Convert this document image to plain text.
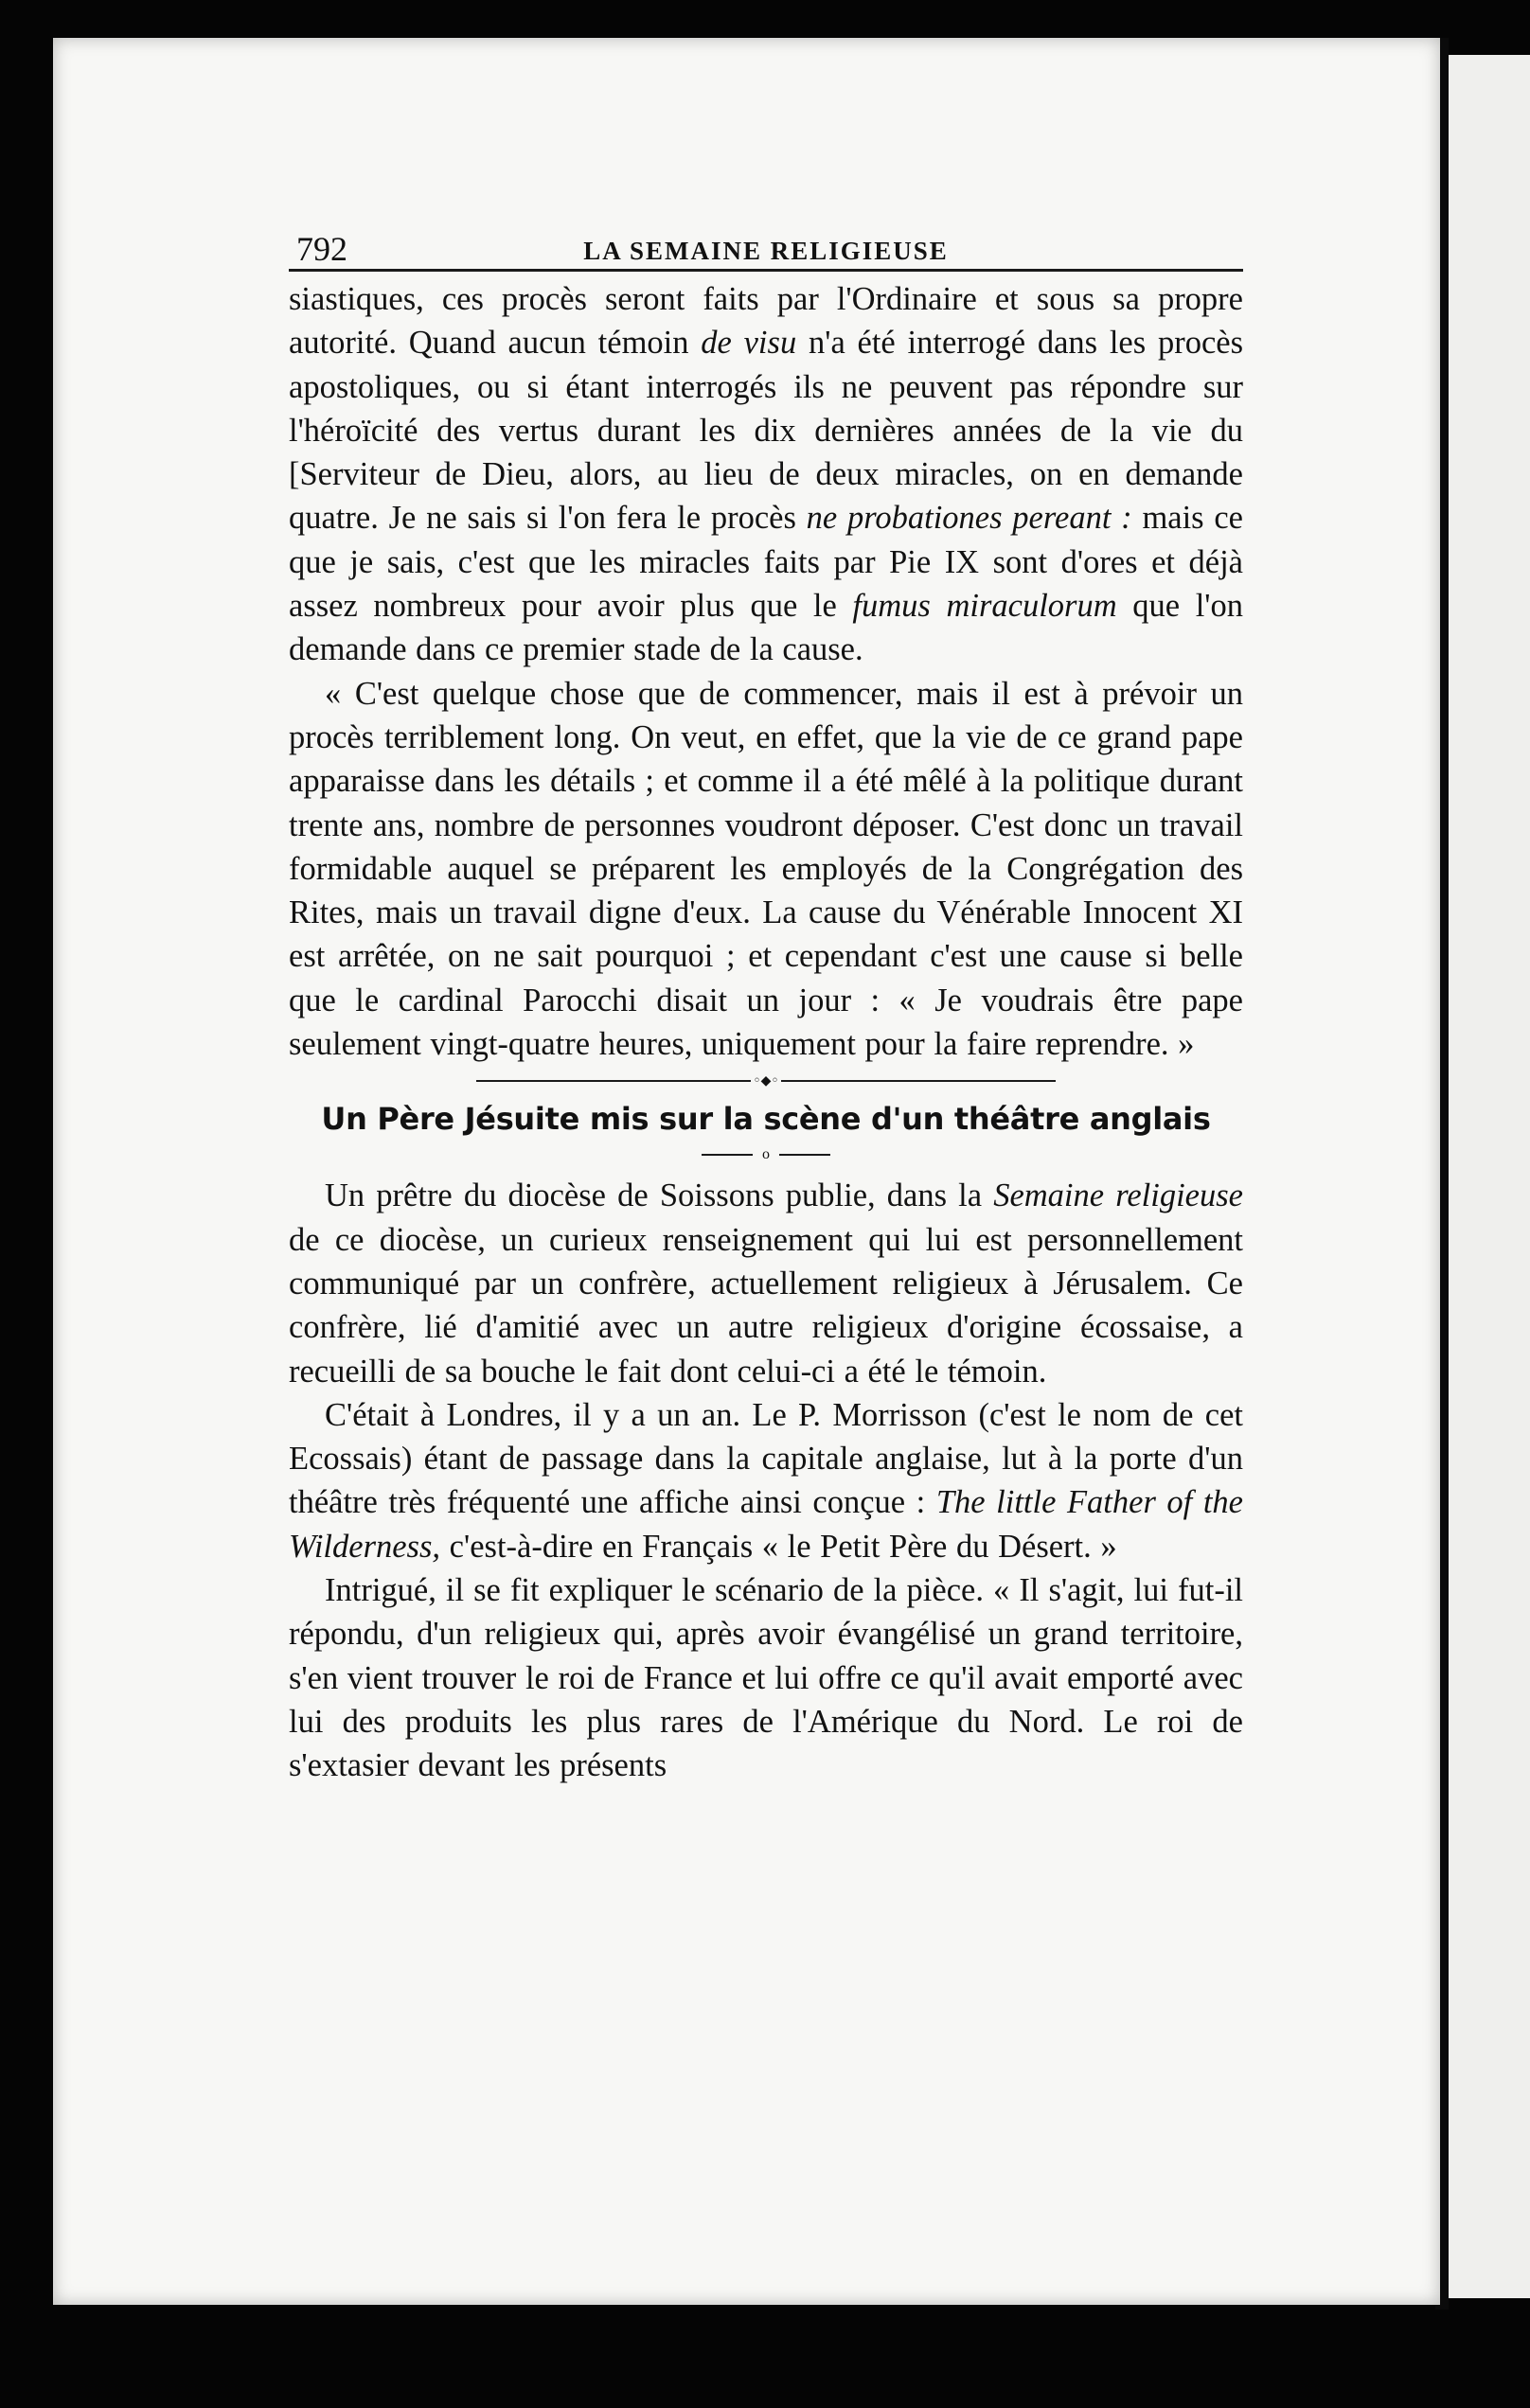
792	LA SEMAINE RELIGIEUSE

siastiques, ces procès seront faits par l'Ordinaire et sous sa propre autorité. Quand aucun témoin de visu n'a été interrogé dans les procès apostoliques, ou si étant interrogés ils ne peuvent pas répondre sur l'héroïcité des vertus durant les dix dernières années de la vie du [Serviteur de Dieu, alors, au lieu de deux miracles, on en demande quatre. Je ne sais si l'on fera le procès ne probationes pereant : mais ce que je sais, c'est que les miracles faits par Pie IX sont d'ores et déjà assez nombreux pour avoir plus que le fumus miraculorum que l'on demande dans ce premier stade de la cause.

« C'est quelque chose que de commencer, mais il est à prévoir un procès terriblement long. On veut, en effet, que la vie de ce grand pape apparaisse dans les détails ; et comme il a été mêlé à la politique durant trente ans, nombre de personnes voudront déposer. C'est donc un travail formidable auquel se préparent les employés de la Congrégation des Rites, mais un travail digne d'eux. La cause du Vénérable Innocent XI est arrêtée, on ne sait pourquoi ; et cependant c'est une cause si belle que le cardinal Parocchi disait un jour : « Je voudrais être pape seulement vingt-quatre heures, uniquement pour la faire reprendre. »

◦◆◦
Un Père Jésuite mis sur la scène d'un théâtre anglais
o

Un prêtre du diocèse de Soissons publie, dans la Semaine religieuse de ce diocèse, un curieux renseignement qui lui est personnellement communiqué par un confrère, actuellement religieux à Jérusalem. Ce confrère, lié d'amitié avec un autre religieux d'origine écossaise, a recueilli de sa bouche le fait dont celui-ci a été le témoin.

C'était à Londres, il y a un an. Le P. Morrisson (c'est le nom de cet Ecossais) étant de passage dans la capitale anglaise, lut à la porte d'un théâtre très fréquenté une affiche ainsi conçue : The little Father of the Wilderness, c'est-à-dire en Français « le Petit Père du Désert. »

Intrigué, il se fit expliquer le scénario de la pièce. « Il s'agit, lui fut-il répondu, d'un religieux qui, après avoir évangélisé un grand territoire, s'en vient trouver le roi de France et lui offre ce qu'il avait emporté avec lui des produits les plus rares de l'Amérique du Nord. Le roi de s'extasier devant les présents
